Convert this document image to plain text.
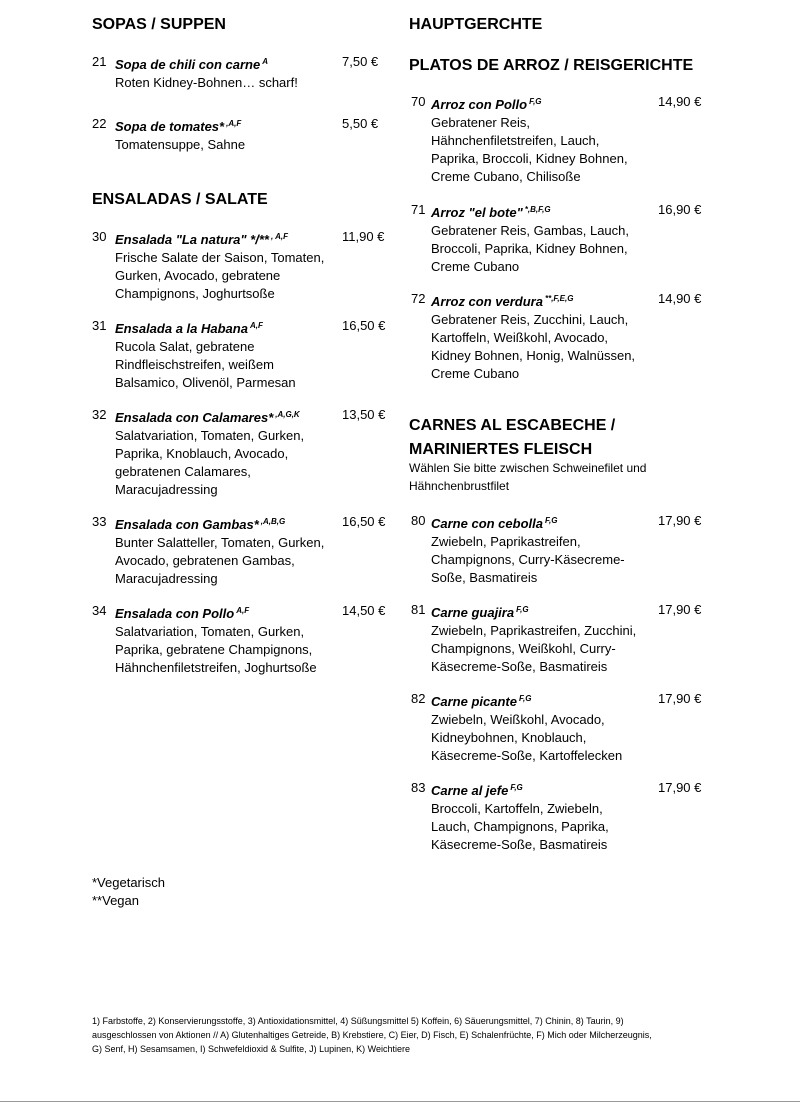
SOPAS / SUPPEN
21 Sopa de chili con carne $^A$
Roten Kidney-Bohnen… scharf!
7,50 €
22 Sopa de tomates* $^{,A,F}$
Tomatensuppe, Sahne
5,50 €
ENSALADAS / SALATE
30 Ensalada "La natura" */** $^{, A,F}$
Frische Salate der Saison, Tomaten,
Gurken, Avocado, gebratene
Champignons, Joghurtsoße
11,90 €
31 Ensalada a la Habana $^{A,F}$
Rucola Salat, gebratene
Rindfleischstreifen, weißem
Balsamico, Olivenöl, Parmesan
16,50 €
32 Ensalada con Calamares* $^{,A,G,K}$
Salatvariation, Tomaten, Gurken,
Paprika, Knoblauch, Avocado,
gebratenen Calamares,
Maracujadressing
13,50 €
33 Ensalada con Gambas* $^{,A,B,G}$
Bunter Salatteller, Tomaten, Gurken,
Avocado, gebratenen Gambas,
Maracujadressing
16,50 €
34 Ensalada con Pollo $^{A,F}$
Salatvariation, Tomaten, Gurken,
Paprika, gebratene Champignons,
Hähnchenfiletstreifen, Joghurtsoße
14,50 €
HAUPTGERCHTE
PLATOS DE ARROZ / REISGERICHTE
70 Arroz con Pollo $^{F,G}$
Gebratener Reis,
Hähnchenfiletstreifen, Lauch,
Paprika, Broccoli, Kidney Bohnen,
Creme Cubano, Chilisoße
14,90 €
71 Arroz "el bote" $^{*,B,F,G}$
Gebratener Reis, Gambas, Lauch,
Broccoli, Paprika, Kidney Bohnen,
Creme Cubano
16,90 €
72 Arroz con verdura $^{**,F,E,G}$
Gebratener Reis, Zucchini, Lauch,
Kartoffeln, Weißkohl, Avocado,
Kidney Bohnen, Honig, Walnüssen,
Creme Cubano
14,90 €
CARNES AL ESCABECHE /
MARINIERTES FLEISCH
Wählen Sie bitte zwischen Schweinefilet und
Hähnchenbrustfilet
80 Carne con cebolla $^{F,G}$
Zwiebeln, Paprikastreifen,
Champignons, Curry-Käsecreme-
Soße, Basmatireis
17,90 €
81 Carne guajira $^{F,G}$
Zwiebeln, Paprikastreifen, Zucchini,
Champignons, Weißkohl, Curry-
Käsecreme-Soße, Basmatireis
17,90 €
82 Carne picante $^{F,G}$
Zwiebeln, Weißkohl, Avocado,
Kidneybohnen, Knoblauch,
Käsecreme-Soße, Kartoffelecken
17,90 €
83 Carne al jefe $^{F,G}$
Broccoli, Kartoffeln, Zwiebeln,
Lauch, Champignons, Paprika,
Käsecreme-Soße, Basmatireis
17,90 €
*Vegetarisch
**Vegan
1) Farbstoffe, 2) Konservierungsstoffe, 3) Antioxidationsmittel, 4) Süßungsmittel 5) Koffein, 6) Säuerungsmittel, 7) Chinin, 8) Taurin, 9)
ausgeschlossen von Aktionen // A) Glutenhaltiges Getreide, B) Krebstiere, C) Eier, D) Fisch, E) Schalenfrüchte, F) Mich oder Milcherzeugnis,
G) Senf, H) Sesamsamen, I) Schwefeldioxid & Sulfite, J) Lupinen, K) Weichtiere
